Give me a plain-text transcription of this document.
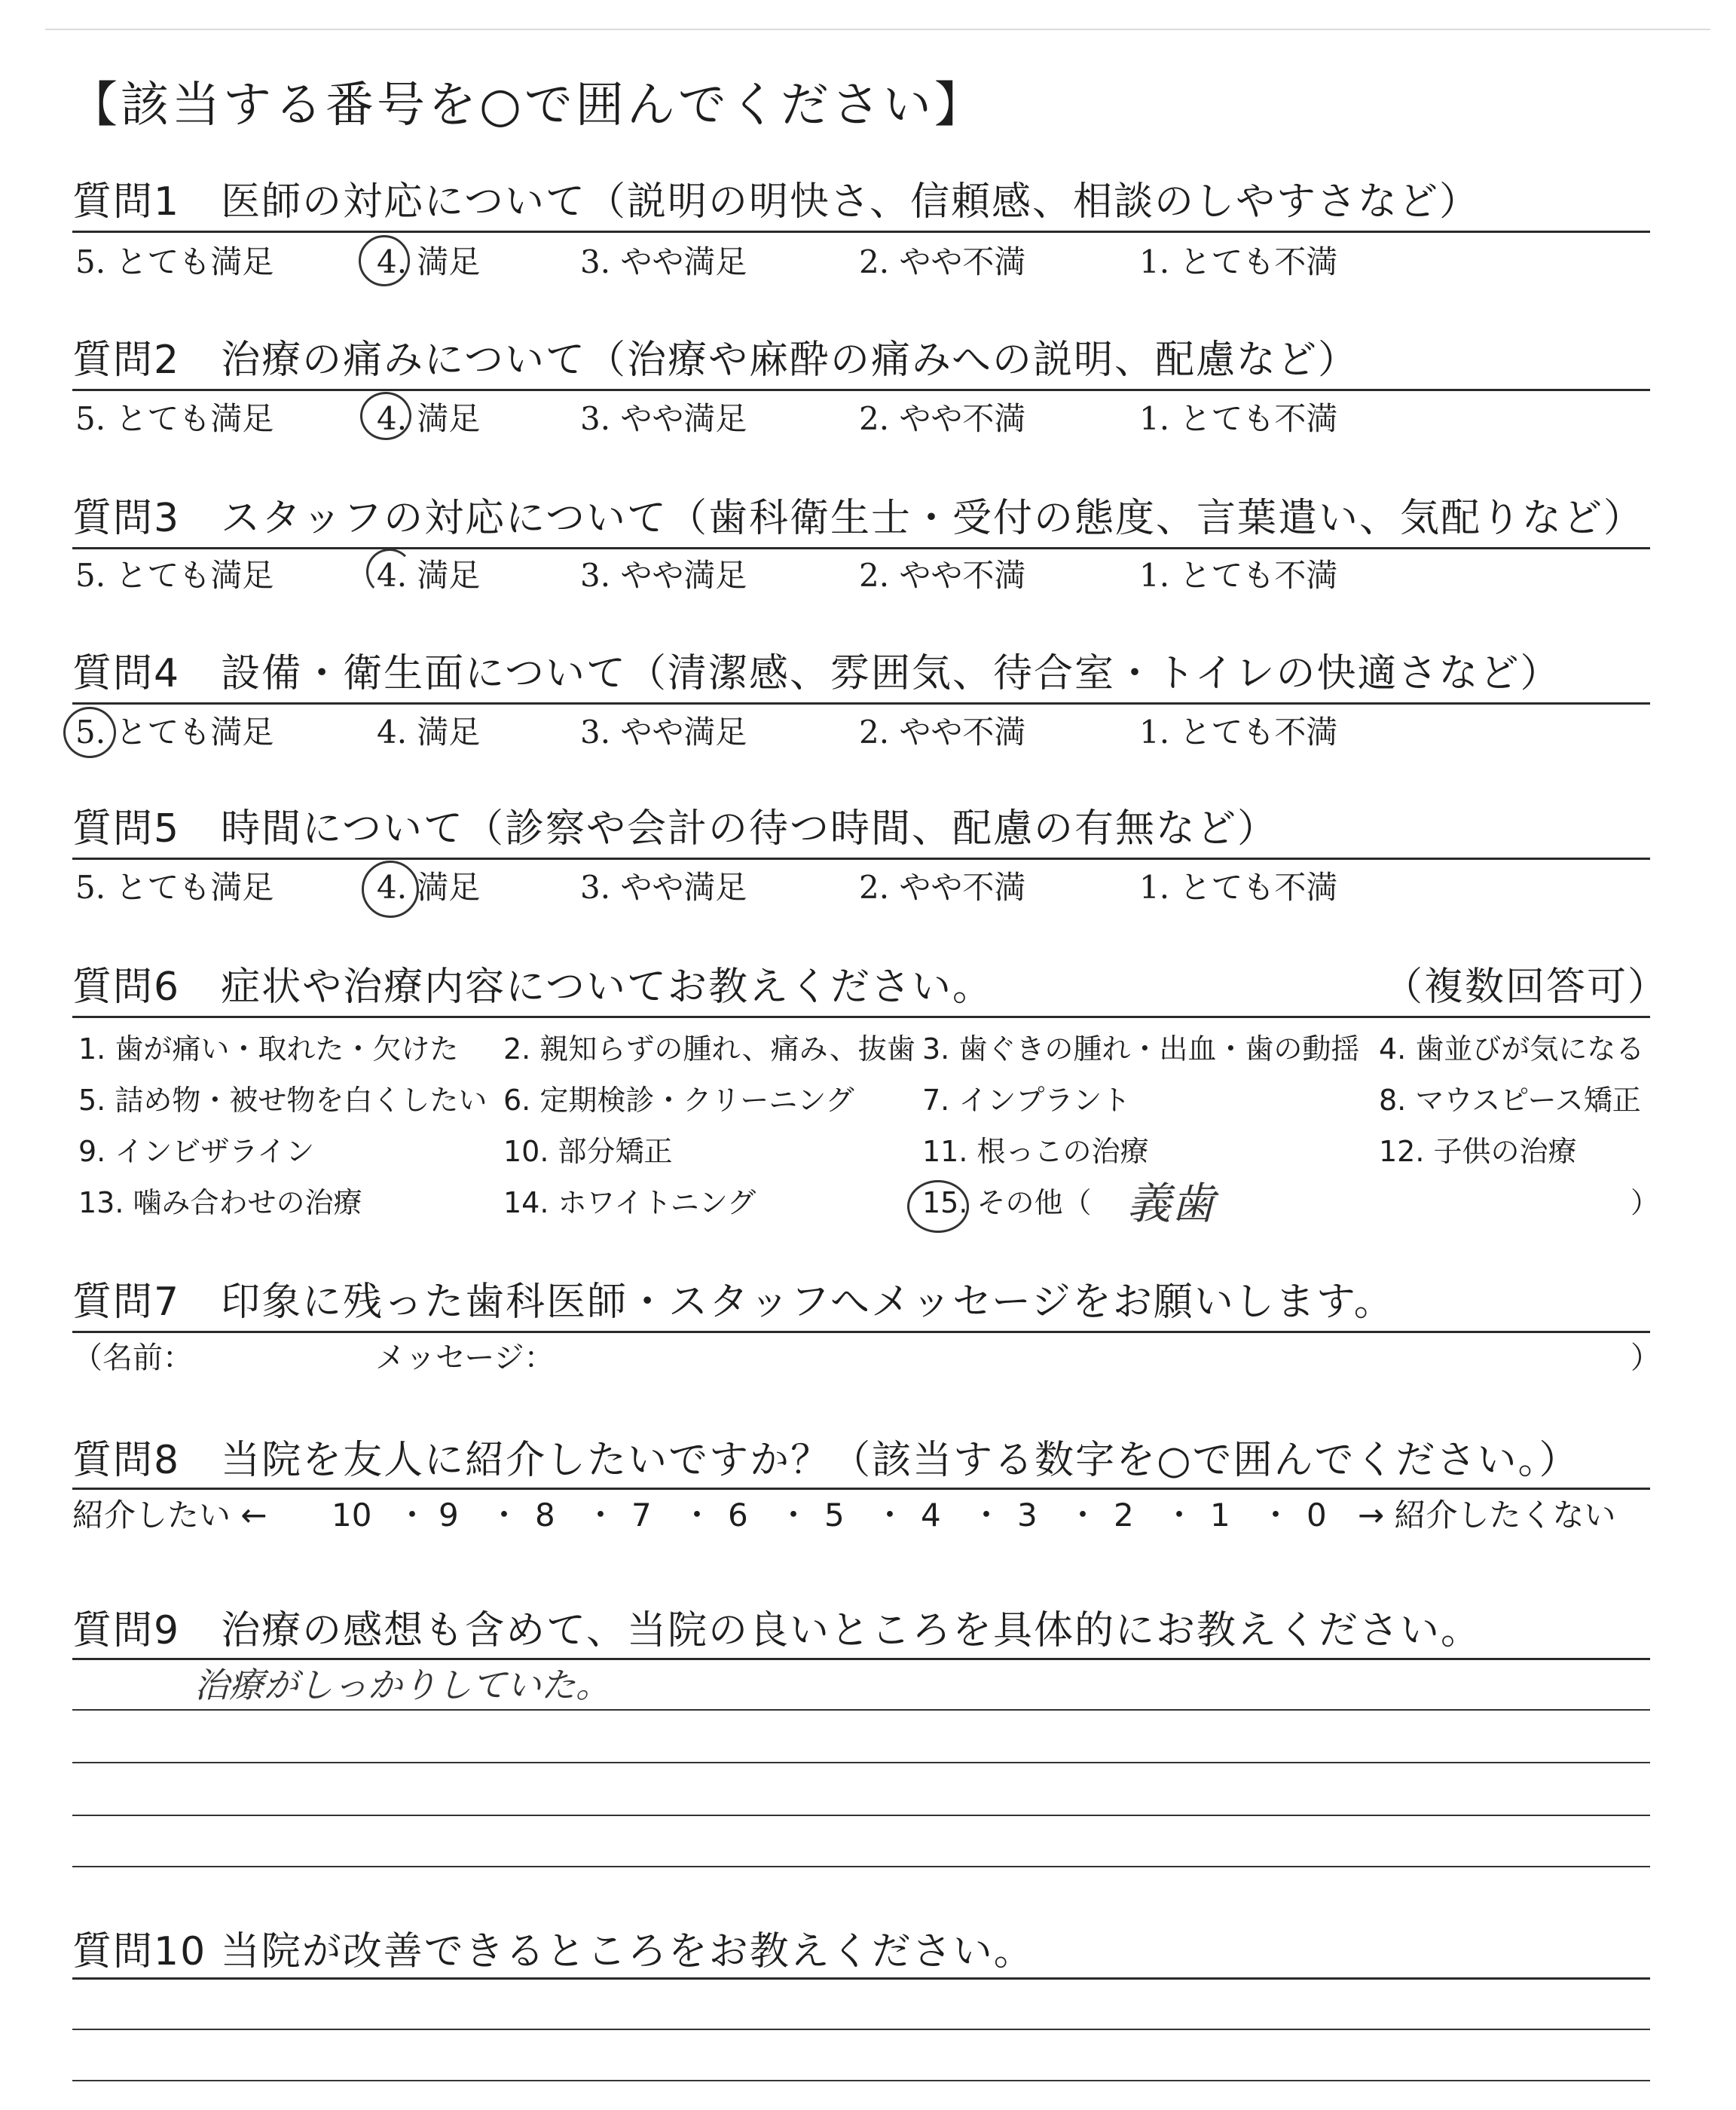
【該当する番号を○で囲んでください】
質問1　医師の対応について（説明の明快さ、信頼感、相談のしやすさなど）
5. とても満足	4. 満足	3. やや満足	2. やや不満	1. とても不満
質問2　治療の痛みについて（治療や麻酔の痛みへの説明、配慮など）
5. とても満足	4. 満足	3. やや満足	2. やや不満	1. とても不満
質問3　スタッフの対応について（歯科衛生士・受付の態度、言葉遣い、気配りなど）
5. とても満足	4. 満足	3. やや満足	2. やや不満	1. とても不満
質問4　設備・衛生面について（清潔感、雰囲気、待合室・トイレの快適さなど）
5. とても満足	4. 満足	3. やや満足	2. やや不満	1. とても不満
質問5　時間について（診察や会計の待つ時間、配慮の有無など）
5. とても満足	4. 満足	3. やや満足	2. やや不満	1. とても不満
質問6　症状や治療内容についてお教えください。	（複数回答可）
1. 歯が痛い・取れた・欠けた 2. 親知らずの腫れ、痛み、抜歯 3. 歯ぐきの腫れ・出血・歯の動揺 4. 歯並びが気になる
5. 詰め物・被せ物を白くしたい 6. 定期検診・クリーニング 7. インプラント	8. マウスピース矯正
9. インビザライン	10. 部分矯正	11. 根っこの治療	12. 子供の治療
13. 噛み合わせの治療	14. ホワイトニング	15. その他（	）
義歯
質問7　印象に残った歯科医師・スタッフへメッセージをお願いします。
（名前：	メッセージ：	）
質問8　当院を友人に紹介したいですか？（該当する数字を○で囲んでください。）
紹介したい ← 10 ・ 9 ・ 8 ・ 7 ・ 6 ・ 5 ・ 4 ・ 3 ・ 2 ・ 1 ・ 0 → 紹介したくない
質問9　治療の感想も含めて、当院の良いところを具体的にお教えください。
治療がしっかりしていた。
質問10 当院が改善できるところをお教えください。
